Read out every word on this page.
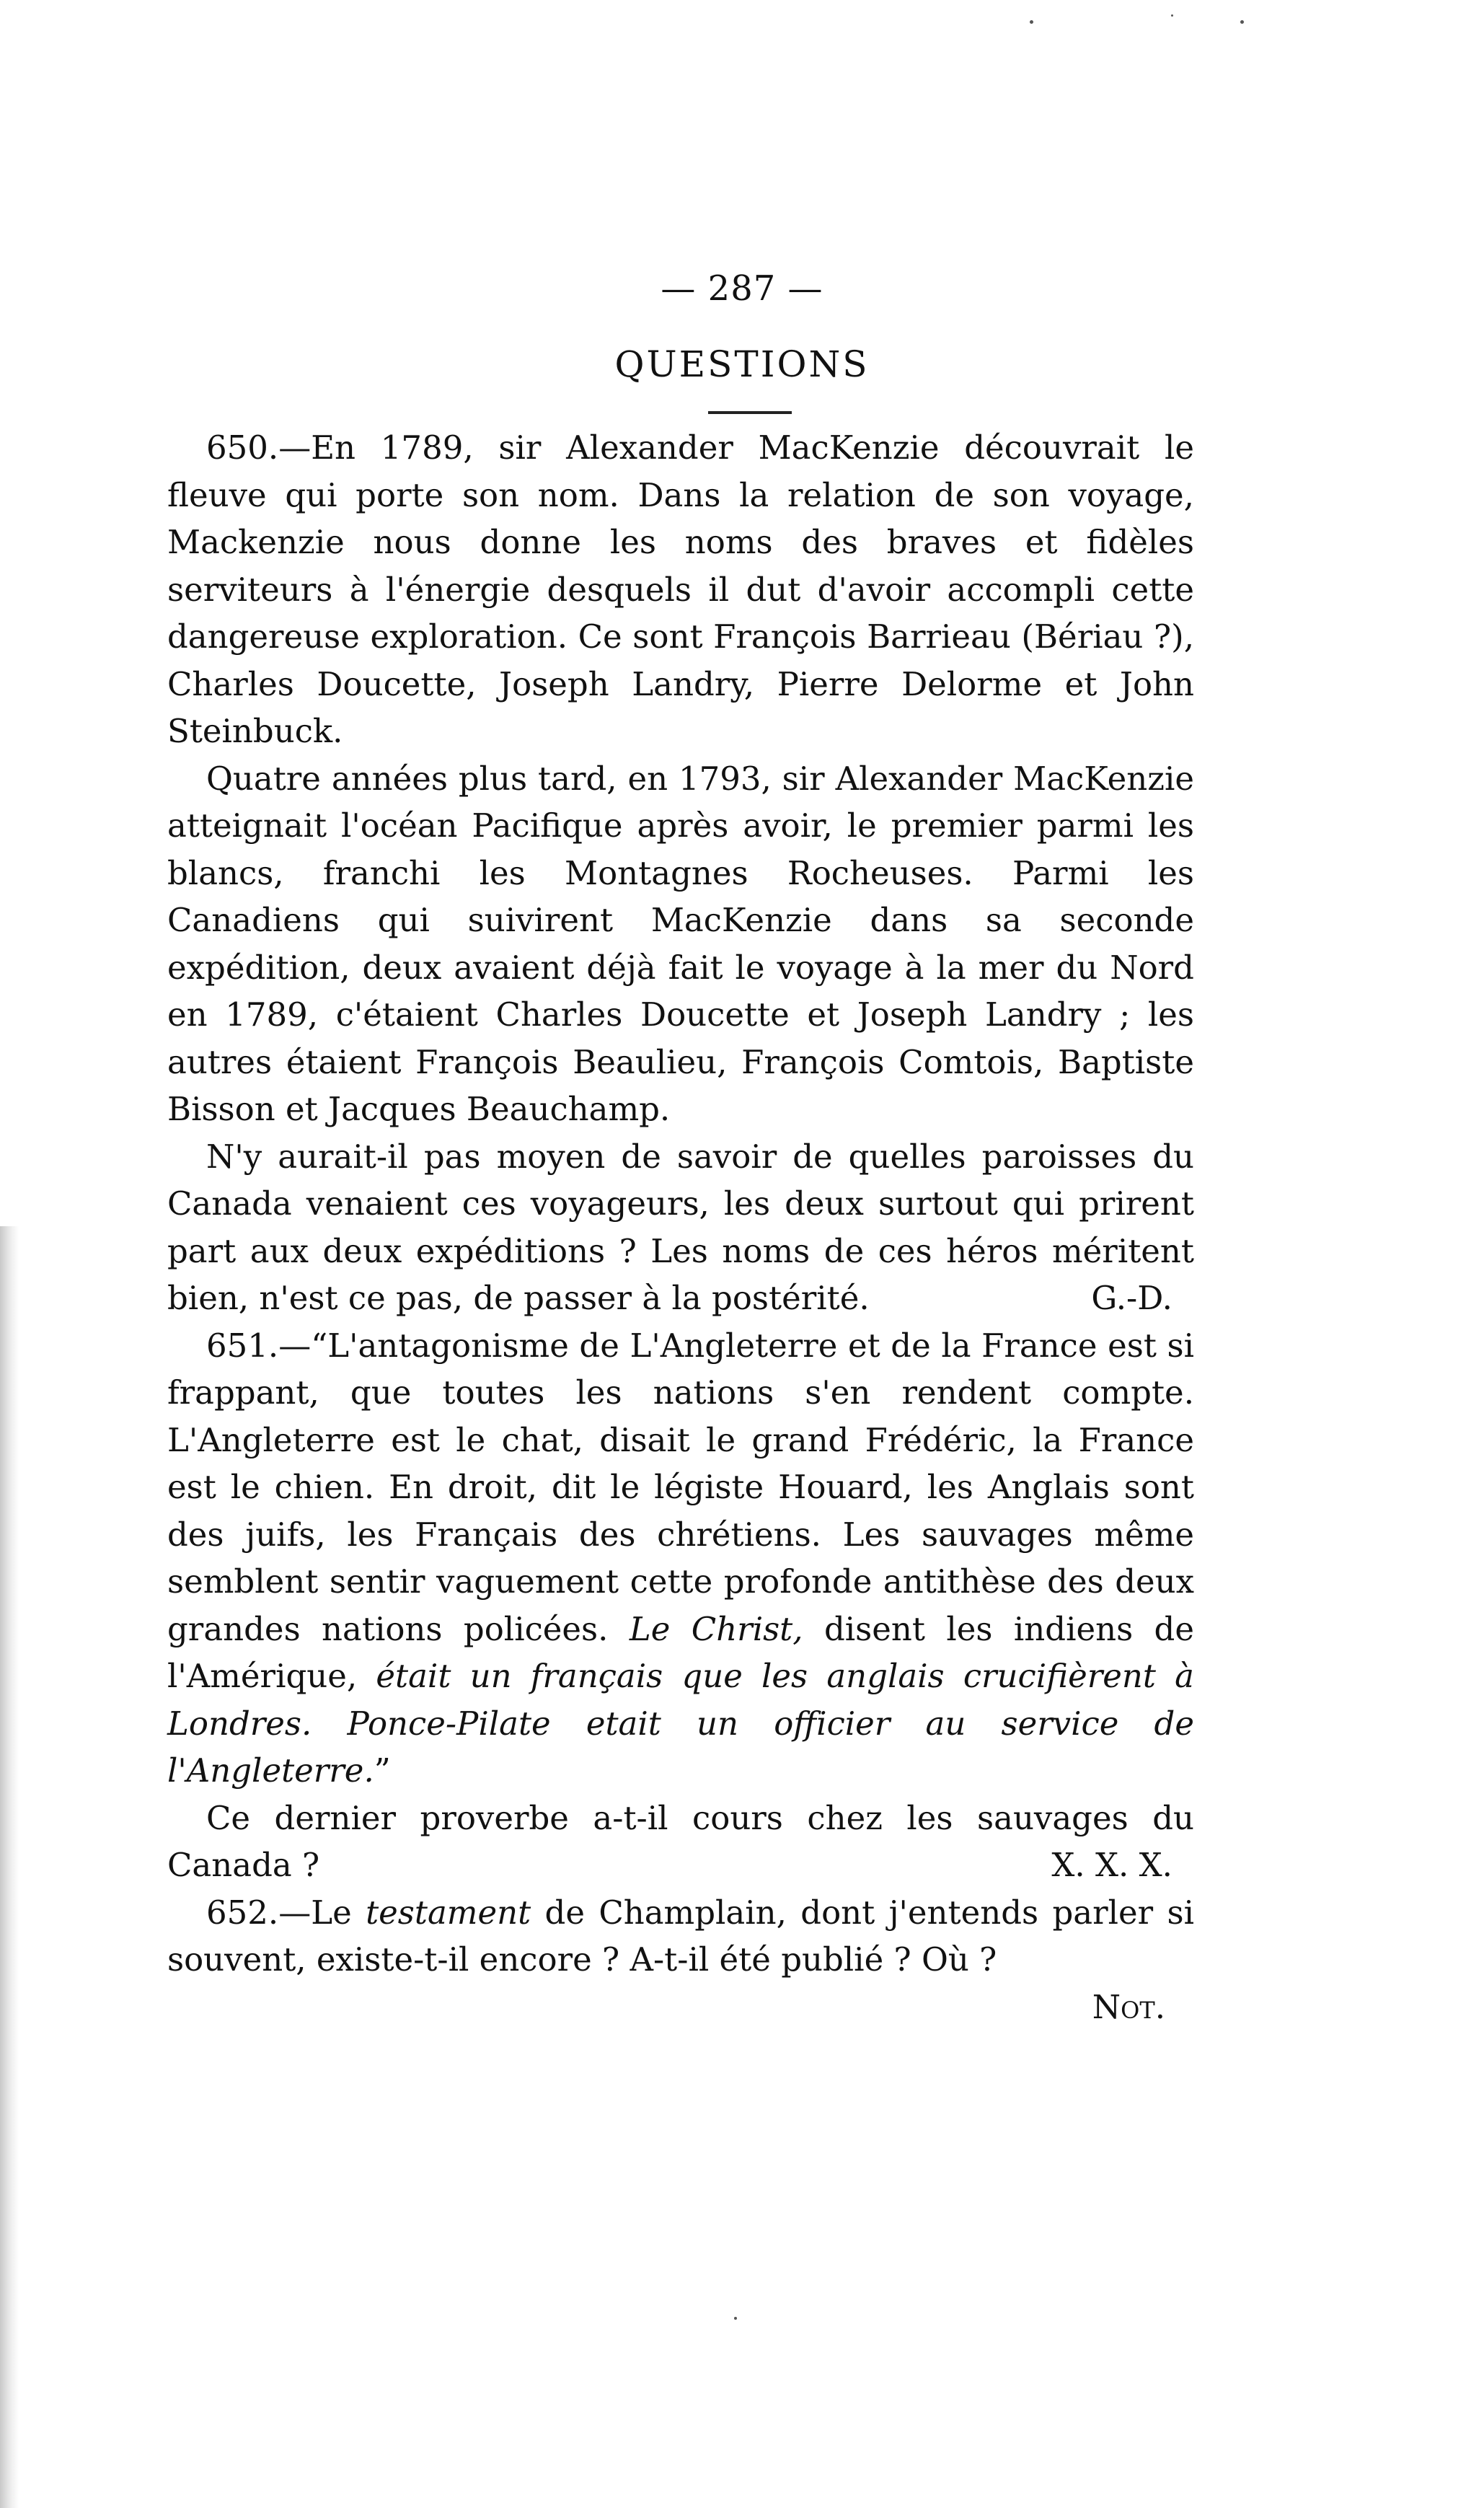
— 287 —
QUESTIONS

650.—En 1789, sir Alexander MacKenzie découvrait le fleuve qui porte son nom. Dans la relation de son voyage, Mackenzie nous donne les noms des braves et fidèles serviteurs à l'énergie desquels il dut d'avoir accompli cette dangereuse exploration. Ce sont François Barrieau (Bériau ?), Charles Doucette, Joseph Landry, Pierre Delorme et John Steinbuck.

Quatre années plus tard, en 1793, sir Alexander MacKenzie atteignait l'océan Pacifique après avoir, le premier parmi les blancs, franchi les Montagnes Rocheuses. Parmi les Canadiens qui suivirent MacKenzie dans sa seconde expédition, deux avaient déjà fait le voyage à la mer du Nord en 1789, c'étaient Charles Doucette et Joseph Landry ; les autres étaient François Beaulieu, François Comtois, Baptiste Bisson et Jacques Beauchamp.

N'y aurait-il pas moyen de savoir de quelles paroisses du Canada venaient ces voyageurs, les deux surtout qui prirent part aux deux expéditions ? Les noms de ces héros méritent bien, n'est ce pas, de passer à la postérité.	G.-D.

651.—“L'antagonisme de L'Angleterre et de la France est si frappant, que toutes les nations s'en rendent compte. L'Angleterre est le chat, disait le grand Frédéric, la France est le chien. En droit, dit le légiste Houard, les Anglais sont des juifs, les Français des chrétiens. Les sauvages même semblent sentir vaguement cette profonde antithèse des deux grandes nations policées. Le Christ, disent les indiens de l'Amérique, était un français que les anglais crucifièrent à Londres. Ponce-Pilate etait un officier au service de l'Angleterre.”

Ce dernier proverbe a-t-il cours chez les sauvages du Canada ?	X. X. X.

652.—Le testament de Champlain, dont j'entends parler si souvent, existe-t-il encore ? A-t-il été publié ? Où ?

Not.
